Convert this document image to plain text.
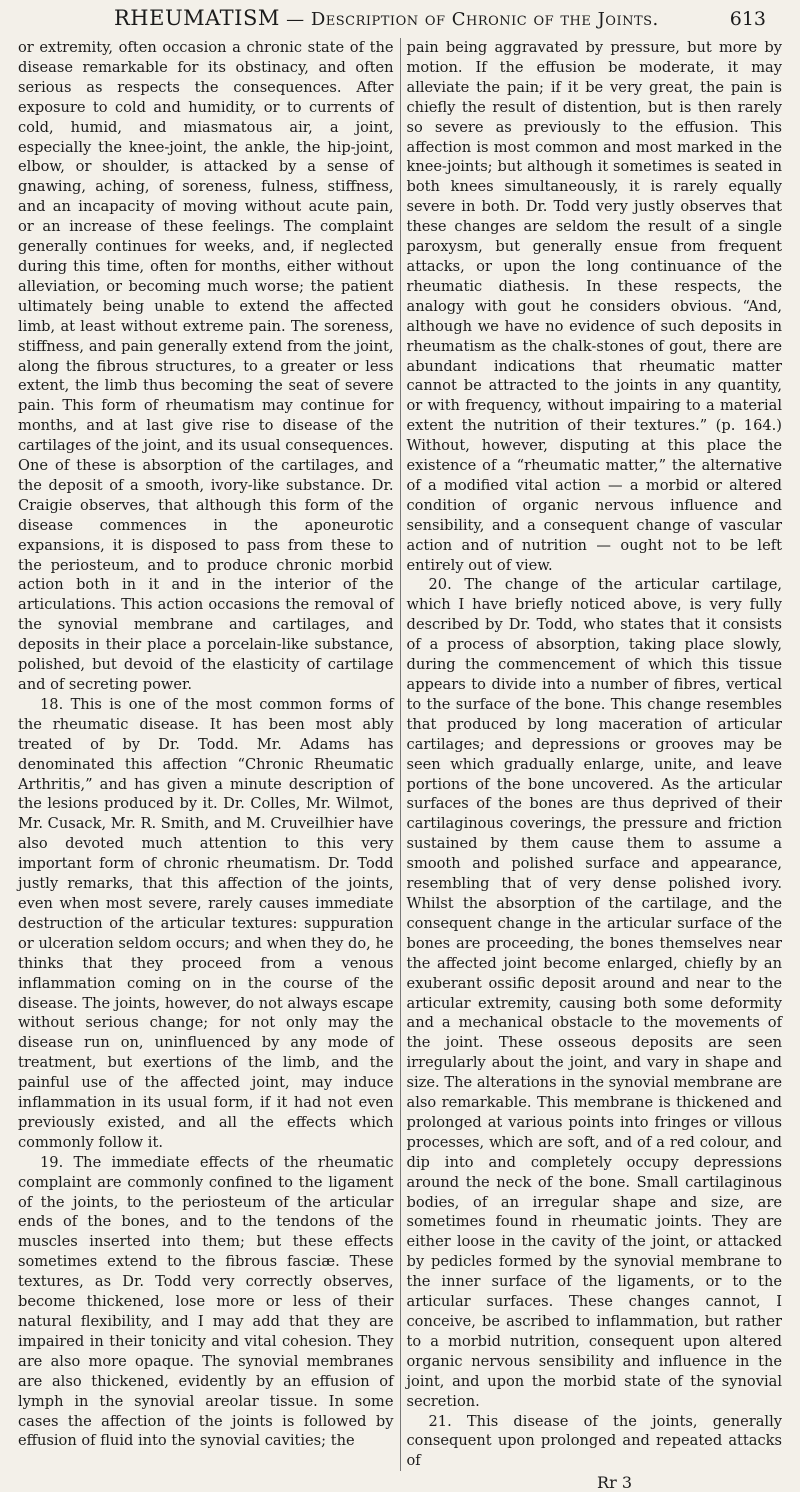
RHEUMATISM — Description of Chronic of the Joints.	613

or extremity, often occasion a chronic state of the disease remarkable for its obstinacy, and often serious as respects the consequences. After exposure to cold and humidity, or to currents of cold, humid, and miasmatous air, a joint, especially the knee-joint, the ankle, the hip-joint, elbow, or shoulder, is attacked by a sense of gnawing, aching, of soreness, fulness, stiffness, and an incapacity of moving without acute pain, or an increase of these feelings. The complaint generally continues for weeks, and, if neglected during this time, often for months, either without alleviation, or becoming much worse; the patient ultimately being unable to extend the affected limb, at least without extreme pain. The soreness, stiffness, and pain generally extend from the joint, along the fibrous structures, to a greater or less extent, the limb thus becoming the seat of severe pain. This form of rheumatism may continue for months, and at last give rise to disease of the cartilages of the joint, and its usual consequences. One of these is absorption of the cartilages, and the deposit of a smooth, ivory-like substance. Dr. Craigie observes, that although this form of the disease commences in the aponeurotic expansions, it is disposed to pass from these to the periosteum, and to produce chronic morbid action both in it and in the interior of the articulations. This action occasions the removal of the synovial membrane and cartilages, and deposits in their place a porcelain-like substance, polished, but devoid of the elasticity of cartilage and of secreting power.

18. This is one of the most common forms of the rheumatic disease. It has been most ably treated of by Dr. Todd. Mr. Adams has denominated this affection “Chronic Rheumatic Arthritis,” and has given a minute description of the lesions produced by it. Dr. Colles, Mr. Wilmot, Mr. Cusack, Mr. R. Smith, and M. Cruveilhier have also devoted much attention to this very important form of chronic rheumatism. Dr. Todd justly remarks, that this affection of the joints, even when most severe, rarely causes immediate destruction of the articular textures: suppuration or ulceration seldom occurs; and when they do, he thinks that they proceed from a venous inflammation coming on in the course of the disease. The joints, however, do not always escape without serious change; for not only may the disease run on, uninfluenced by any mode of treatment, but exertions of the limb, and the painful use of the affected joint, may induce inflammation in its usual form, if it had not even previously existed, and all the effects which commonly follow it.

19. The immediate effects of the rheumatic complaint are commonly confined to the ligament of the joints, to the periosteum of the articular ends of the bones, and to the tendons of the muscles inserted into them; but these effects sometimes extend to the fibrous fasciæ. These textures, as Dr. Todd very correctly observes, become thickened, lose more or less of their natural flexibility, and I may add that they are impaired in their tonicity and vital cohesion. They are also more opaque. The synovial membranes are also thickened, evidently by an effusion of lymph in the synovial areolar tissue. In some cases the affection of the joints is followed by effusion of fluid into the synovial cavities; the

pain being aggravated by pressure, but more by motion. If the effusion be moderate, it may alleviate the pain; if it be very great, the pain is chiefly the result of distention, but is then rarely so severe as previously to the effusion. This affection is most common and most marked in the knee-joints; but although it sometimes is seated in both knees simultaneously, it is rarely equally severe in both. Dr. Todd very justly observes that these changes are seldom the result of a single paroxysm, but generally ensue from frequent attacks, or upon the long continuance of the rheumatic diathesis. In these respects, the analogy with gout he considers obvious. “And, although we have no evidence of such deposits in rheumatism as the chalk-stones of gout, there are abundant indications that rheumatic matter cannot be attracted to the joints in any quantity, or with frequency, without impairing to a material extent the nutrition of their textures.” (p. 164.) Without, however, disputing at this place the existence of a “rheumatic matter,” the alternative of a modified vital action — a morbid or altered condition of organic nervous influence and sensibility, and a consequent change of vascular action and of nutrition — ought not to be left entirely out of view.

20. The change of the articular cartilage, which I have briefly noticed above, is very fully described by Dr. Todd, who states that it consists of a process of absorption, taking place slowly, during the commencement of which this tissue appears to divide into a number of fibres, vertical to the surface of the bone. This change resembles that produced by long maceration of articular cartilages; and depressions or grooves may be seen which gradually enlarge, unite, and leave portions of the bone uncovered. As the articular surfaces of the bones are thus deprived of their cartilaginous coverings, the pressure and friction sustained by them cause them to assume a smooth and polished surface and appearance, resembling that of very dense polished ivory. Whilst the absorption of the cartilage, and the consequent change in the articular surface of the bones are proceeding, the bones themselves near the affected joint become enlarged, chiefly by an exuberant ossific deposit around and near to the articular extremity, causing both some deformity and a mechanical obstacle to the movements of the joint. These osseous deposits are seen irregularly about the joint, and vary in shape and size. The alterations in the synovial membrane are also remarkable. This membrane is thickened and prolonged at various points into fringes or villous processes, which are soft, and of a red colour, and dip into and completely occupy depressions around the neck of the bone. Small cartilaginous bodies, of an irregular shape and size, are sometimes found in rheumatic joints. They are either loose in the cavity of the joint, or attacked by pedicles formed by the synovial membrane to the inner surface of the ligaments, or to the articular surfaces. These changes cannot, I conceive, be ascribed to inflammation, but rather to a morbid nutrition, consequent upon altered organic nervous sensibility and influence in the joint, and upon the morbid state of the synovial secretion.

21. This disease of the joints, generally consequent upon prolonged and repeated attacks of

Rr 3
